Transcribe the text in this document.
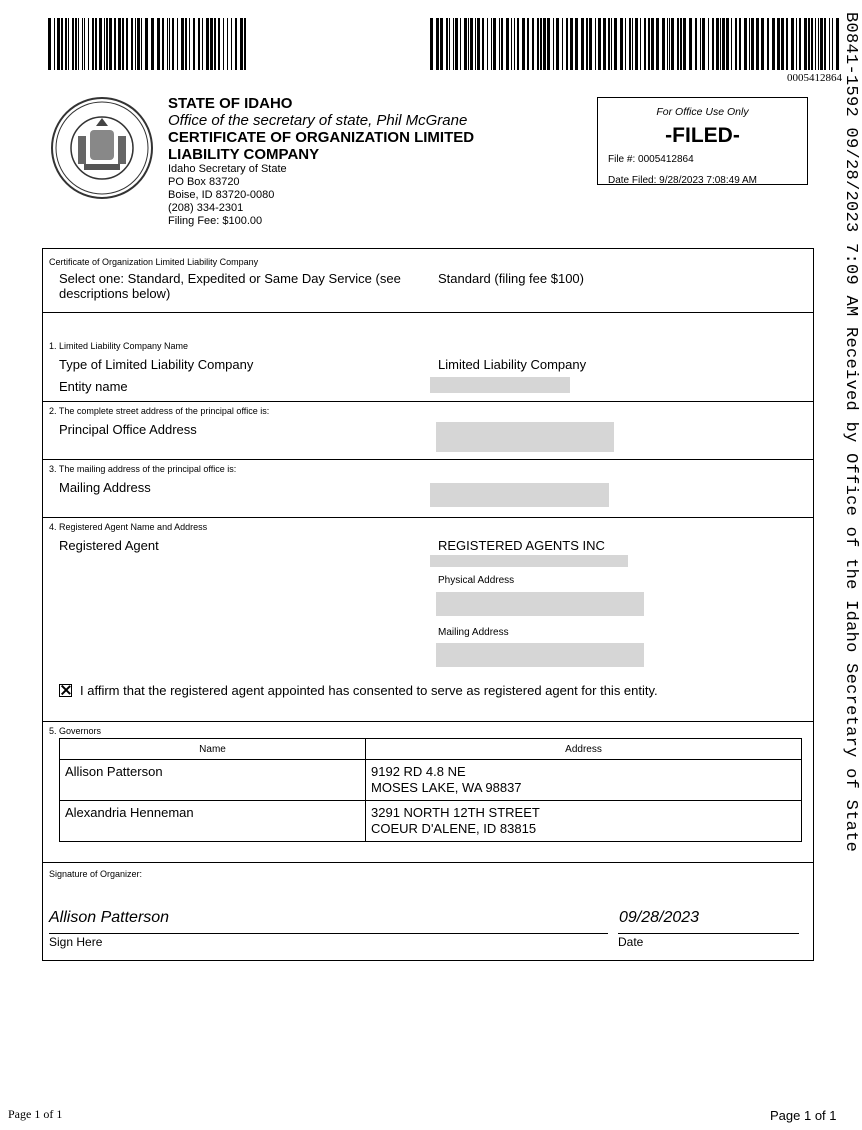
0005412864
STATE OF IDAHO
Office of the secretary of state, Phil McGrane
CERTIFICATE OF ORGANIZATION LIMITED
LIABILITY COMPANY
Idaho Secretary of State
PO Box 83720
Boise, ID 83720-0080
(208) 334-2301
Filing Fee: $100.00
For Office Use Only
-FILED-
File #: 0005412864
Date Filed: 9/28/2023 7:08:49 AM	B0841-1592 09/28/2023 7:09 AM Received by Office of the Idaho Secretary of State
Certificate of Organization Limited Liability Company
Select one: Standard, Expedited or Same Day Service (see descriptions below)
Standard (filing fee $100)
1. Limited Liability Company Name
Type of Limited Liability Company	Limited Liability Company
Entity name
2. The complete street address of the principal office is:
Principal Office Address
3. The mailing address of the principal office is:
Mailing Address
4. Registered Agent Name and Address
Registered Agent	REGISTERED AGENTS INC
Physical Address
Mailing Address
I affirm that the registered agent appointed has consented to serve as registered agent for this entity.
5. Governors
Name	Address
Allison Patterson	9192 RD 4.8 NE
MOSES LAKE, WA 98837

Alexandria Henneman	3291 NORTH 12TH STREET
COEUR D'ALENE, ID 83815
Signature of Organizer:
Allison Patterson	09/28/2023
Sign Here	Date
Page 1 of 1	Page 1 of 1
